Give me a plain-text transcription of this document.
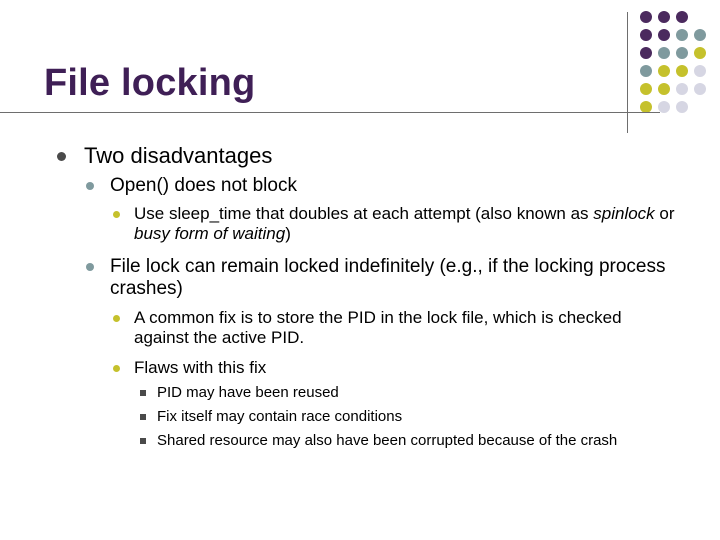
File locking
Two disadvantages
Open() does not block
Use sleep_time that doubles at each attempt (also known as spinlock or busy form of waiting)
File lock can remain locked indefinitely (e.g., if the locking process crashes)
A common fix is to store the PID in the lock file, which is checked against the active PID.
Flaws with this fix
PID may have been reused
Fix itself may contain race conditions
Shared resource may also have been corrupted because of the crash
